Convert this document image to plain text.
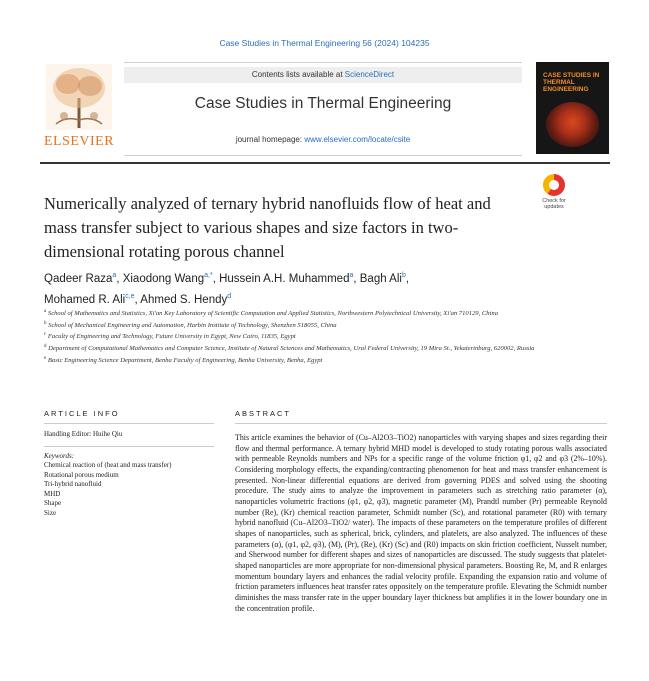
Case Studies in Thermal Engineering 56 (2024) 104235
ELSEVIER
Contents lists available at ScienceDirect
Case Studies in Thermal Engineering
journal homepage: www.elsevier.com/locate/csite
CASE STUDIES IN THERMAL ENGINEERING
Numerically analyzed of ternary hybrid nanofluids flow of heat and mass transfer subject to various shapes and size factors in two-dimensional rotating porous channel
Check for updates
Qadeer Raza$^a$, Xiaodong Wang$^{a,*}$, Hussein A.H. Muhammed$^a$, Bagh Ali$^b$,
Mohamed R. Ali$^{c,e}$, Ahmed S. Hendy$^d$
$^a$ School of Mathematics and Statistics, Xi'an Key Laboratory of Scientific Computation and Applied Statistics, Northwestern Polytechnical University, Xi'an 710129, China
$^b$ School of Mechanical Engineering and Automation, Harbin Institute of Technology, Shenzhen 518055, China
$^c$ Faculty of Engineering and Technology, Future University in Egypt, New Cairo, 11835, Egypt
$^d$ Department of Computational Mathematics and Computer Science, Institute of Natural Sciences and Mathematics, Ural Federal University, 19 Mira St., Yekaterinburg, 620002, Russia
$^e$ Basic Engineering Science Department, Benha Faculty of Engineering, Benha University, Benha, Egypt
ARTICLE INFO	ABSTRACT
Handling Editor: Huihe Qiu
Keywords:
Chemical reaction of (heat and mass transfer)
Rotational porous medium
Tri-hybrid nanofluid
MHD
Shape
Size
This article examines the behavior of (Cu–Al2O3–TiO2) nanoparticles with varying shapes and sizes regarding their flow and thermal performance. A ternary hybrid MHD model is developed to study rotating porous walls associated with permeable Reynolds numbers and NPs for a specific range of the volume friction φ1, φ2 and φ3 (2%–10%). Considering morphology effects, the expanding/contracting phenomenon for heat and mass transfer enhancement is presented. Non-linear differential equations are derived from governing PDES and solved using the shooting procedure. The study aims to analyze the improvement in parameters such as stretching ratio parameter (α), nanoparticles volumetric fractions (φ1, φ2, φ3), magnetic parameter (M), Prandtl number (Pr) permeable Reynold number (Re), (Kr) chemical reaction parameter, Schmidt number (Sc), and rotational parameter (R0) with ternary hybrid nanofluid (Cu–Al2O3–TiO2/ water). The impacts of these parameters on the temperature profiles of different shapes of nanoparticles, such as spherical, brick, cylinders, and platelets, are also analyzed. The influences of these parameters (α), (φ1, φ2, φ3), (M), (Pr), (Re), (Kr) (Sc) and (R0) impacts on skin friction coefficient, Nusselt number, and Sherwood number for different shapes and sizes of nanoparticles are discussed. The study suggests that platelet-shaped nanoparticles are more appropriate for non-dimensional physical parameters. Boosting Re, M, and R enlarges momentum boundary layers and enhances the radial velocity profile. Expanding the expansion ratio and volume of friction parameters influences heat transfer rates oppositely on the temperature profile. Elevating the Schmidt number diminishes the mass transfer rate in the upper boundary layer thickness but amplifies it in the lower boundary one in the concentration profile.
